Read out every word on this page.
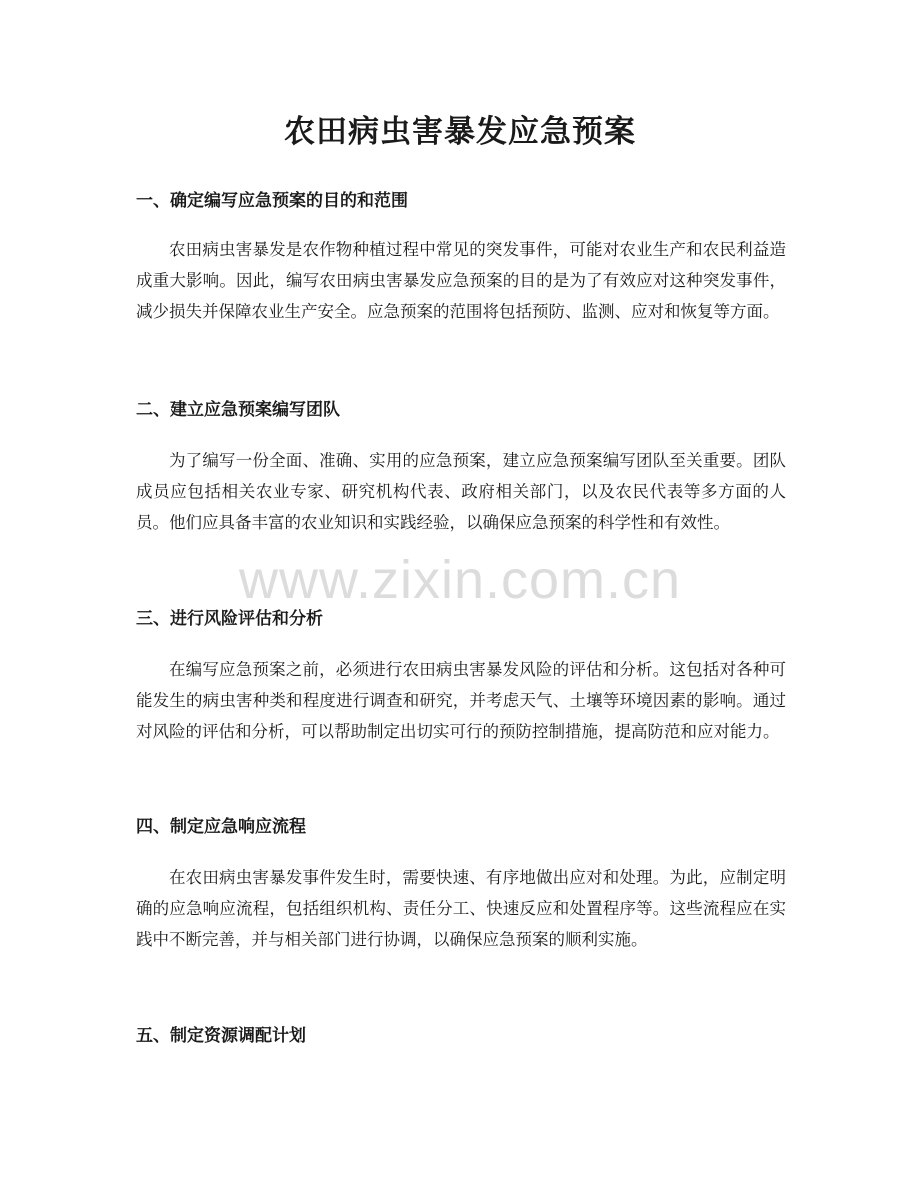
农田病虫害暴发应急预案
一、确定编写应急预案的目的和范围

农田病虫害暴发是农作物种植过程中常见的突发事件，可能对农业生产和农民利益造成重大影响。因此，编写农田病虫害暴发应急预案的目的是为了有效应对这种突发事件，减少损失并保障农业生产安全。应急预案的范围将包括预防、监测、应对和恢复等方面。

二、建立应急预案编写团队

为了编写一份全面、准确、实用的应急预案，建立应急预案编写团队至关重要。团队成员应包括相关农业专家、研究机构代表、政府相关部门，以及农民代表等多方面的人员。他们应具备丰富的农业知识和实践经验，以确保应急预案的科学性和有效性。

三、进行风险评估和分析

在编写应急预案之前，必须进行农田病虫害暴发风险的评估和分析。这包括对各种可能发生的病虫害种类和程度进行调查和研究，并考虑天气、土壤等环境因素的影响。通过对风险的评估和分析，可以帮助制定出切实可行的预防控制措施，提高防范和应对能力。

四、制定应急响应流程

在农田病虫害暴发事件发生时，需要快速、有序地做出应对和处理。为此，应制定明确的应急响应流程，包括组织机构、责任分工、快速反应和处置程序等。这些流程应在实践中不断完善，并与相关部门进行协调，以确保应急预案的顺利实施。

五、制定资源调配计划
www.zixin.com.cn
